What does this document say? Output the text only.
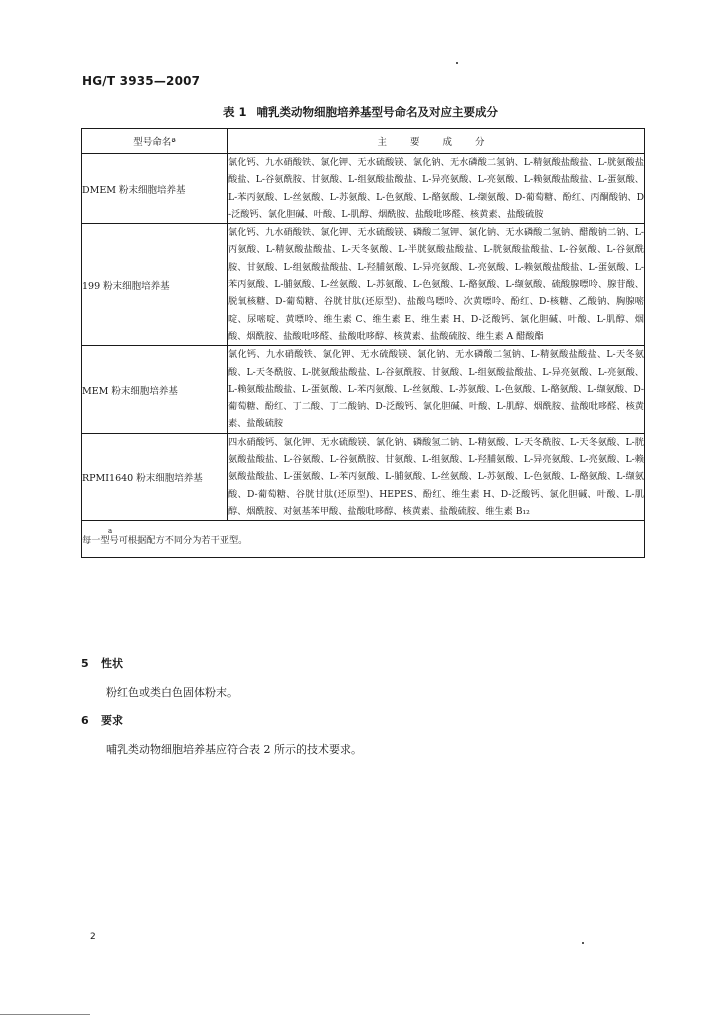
HG/T 3935—2007
表 1 哺乳类动物细胞培养基型号命名及对应主要成分
型号命名ª	主 要 成 分
DMEM 粉末细胞培养基	氯化钙、九水硝酸铁、氯化钾、无水硫酸镁、氯化钠、无水磷酸二氢钠、L-精氨酸盐酸盐、L-胱氨酸盐酸盐、L-谷氨酰胺、甘氨酸、L-组氨酸盐酸盐、L-异亮氨酸、L-亮氨酸、L-赖氨酸盐酸盐、L-蛋氨酸、L-苯丙氨酸、L-丝氨酸、L-苏氨酸、L-色氨酸、L-酪氨酸、L-缬氨酸、D-葡萄糖、酚红、丙酮酸钠、D-泛酸钙、氯化胆碱、叶酸、L-肌醇、烟酰胺、盐酸吡哆醛、核黄素、盐酸硫胺
199 粉末细胞培养基	氯化钙、九水硝酸铁、氯化钾、无水硫酸镁、磷酸二氢钾、氯化钠、无水磷酸二氢钠、醋酸钠二钠、L-丙氨酸、L-精氨酸盐酸盐、L-天冬氨酸、L-半胱氨酸盐酸盐、L-胱氨酸盐酸盐、L-谷氨酸、L-谷氨酰胺、甘氨酸、L-组氨酸盐酸盐、L-羟脯氨酸、L-异亮氨酸、L-亮氨酸、L-赖氨酸盐酸盐、L-蛋氨酸、L-苯丙氨酸、L-脯氨酸、L-丝氨酸、L-苏氨酸、L-色氨酸、L-酪氨酸、L-缬氨酸、硫酸腺嘌呤、腺苷酸、脱氧核糖、D-葡萄糖、谷胱甘肽(还原型)、盐酸鸟嘌呤、次黄嘌呤、酚红、D-核糖、乙酸钠、胸腺嘧啶、尿嘧啶、黄嘌呤、维生素 C、维生素 E、维生素 H、D-泛酸钙、氯化胆碱、叶酸、L-肌醇、烟酸、烟酰胺、盐酸吡哆醛、盐酸吡哆醇、核黄素、盐酸硫胺、维生素 A 醋酸酯
MEM 粉末细胞培养基	氯化钙、九水硝酸铁、氯化钾、无水硫酸镁、氯化钠、无水磷酸二氢钠、L-精氨酸盐酸盐、L-天冬氨酸、L-天冬酰胺、L-胱氨酸盐酸盐、L-谷氨酰胺、甘氨酸、L-组氨酸盐酸盐、L-异亮氨酸、L-亮氨酸、L-赖氨酸盐酸盐、L-蛋氨酸、L-苯丙氨酸、L-丝氨酸、L-苏氨酸、L-色氨酸、L-酪氨酸、L-缬氨酸、D-葡萄糖、酚红、丁二酸、丁二酸钠、D-泛酸钙、氯化胆碱、叶酸、L-肌醇、烟酰胺、盐酸吡哆醛、核黄素、盐酸硫胺
RPMI1640 粉末细胞培养基	四水硝酸钙、氯化钾、无水硫酸镁、氯化钠、磷酸氢二钠、L-精氨酸、L-天冬酰胺、L-天冬氨酸、L-胱氨酸盐酸盐、L-谷氨酸、L-谷氨酰胺、甘氨酸、L-组氨酸、L-羟脯氨酸、L-异亮氨酸、L-亮氨酸、L-赖氨酸盐酸盐、L-蛋氨酸、L-苯丙氨酸、L-脯氨酸、L-丝氨酸、L-苏氨酸、L-色氨酸、L-酪氨酸、L-缬氨酸、D-葡萄糖、谷胱甘肽(还原型)、HEPES、酚红、维生素 H、D-泛酸钙、氯化胆碱、叶酸、L-肌醇、烟酰胺、对氨基苯甲酸、盐酸吡哆醇、核黄素、盐酸硫胺、维生素 B₁₂

a
每一型号可根据配方不同分为若干亚型。	
5 性状
粉红色或类白色固体粉末。
6 要求
哺乳类动物细胞培养基应符合表 2 所示的技术要求。
2
